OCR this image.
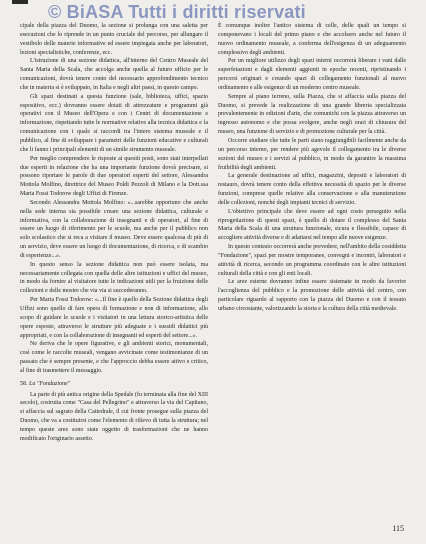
© BiASA Tutti i diritti riservati

cipale della piazza del Duomo, la sezione si prolunga con una saletta per esecuzioni che lo riprende in un punto cruciale del percorso, per allungare il vestibolo delle materie informative ed essere impiegata anche per laboratori, lezioni specialistiche, conferenze, ecc.

L'istruzione di una sezione didattica, all'interno del Centro Museale del Santa Maria della Scala, che accolga anche quella al futuro ufficio per le comunicazioni, dovrà tenere conto del necessario approfondimento tecnico che in materia si è sviluppato, in Italia e negli altri paesi, in questo campo.

Gli spazi destinati a questa funzione (sale, biblioteca, uffici, spazio espositivo, ecc.) dovranno essere dotati di attrezzature e programmi già operativi con il Museo dell'Opera e con i Centri di documentazione e informazione, rispettando tutte le normative relative alla tecnica didattica e la comunicazione con i quale si raccordi tra l'intero sistema museale e il pubblico, al fine di sviluppare i parametri delle funzioni educative e culturali che li fanno i principali elementi di un simile strumento museale.

Per meglio comprendere le risposte ai quesiti posti, sono stati interpellati due esperti in relazione che ha una importante funzione dovrà precisare, si possono riportare le parole di due operatori esperti del settore, Alessandra Mottola Molfino, direttrice del Museo Poldi Pezzoli di Milano e la Dott.ssa Maria Fossi Todorow degli Uffizi di Firenze.

Secondo Alessandra Mottola Molfino: «...sarebbe opportuno che anche nella sede interna sia possibile creare una sezione didattica, culturale e informativa, con la collaborazione di insegnanti e di operatori, al fine di essere un luogo di riferimento per le scuole, ma anche per il pubblico non solo scolastico che si reca a visitare il museo. Deve essere qualcosa di più di un servizio, deve essere un luogo di documentazione, di ricerca, e di scambio di esperienze...».

In questo senso la sezione didattica non può essere isolata, ma necessariamente collegata con quella delle altre istituzioni e uffici del museo, in modo da fornire al visitatore tutte le indicazioni utili per la fruizione delle collezioni e delle mostre che via via si succederanno.

Per Maria Fossi Todorow: «...Il fine è quello della Sezione didattica degli Uffizi sono quello di fare opera di formazione e non di informazione, allo scopo di guidare le scuole e i visitatori in una lettura storico-artistica delle opere esposte, attraverso le strutture più adeguate e i sussidi didattici più appropriati, e con la collaborazione di insegnanti ed esperti del settore...».

Ne deriva che le opere figurative, e gli ambienti storici, monumentali, così come le raccolte museali, vengano avvicinate come testimonianze di un passato che è sempre presente, e che l'approccio debba essere attivo e critico, al fine di trasmettere il messaggio.

58. La "Fondazione"

La parte di più antica origine della Spedale (fu terminata alla fine del XIII secolo), costruita come "Casa del Pellegrino" e attraverso la via del Capitano, si affaccia sul sagrato della Cattedrale, il cui fronte prosegue sulla piazza del Duomo, che va a costituirsi come l'elemento di rilievo di tutta la struttura; nel tempo queste aree sono state oggetto di trasformazioni che ne hanno modificato l'originario assetto.

È comunque inoltre l'antico sistema di celle, delle quali un tempo si componevano i locali del primo piano e che accolsero anche nel futuro il nuovo ordinamento museale, a conferma dell'esigenza di un adeguamento complessivo degli ambienti.

Per un migliore utilizzo degli spazi interni occorrerà liberare i vani dalle superfetazioni e dagli elementi aggiunti in epoche recenti, ripristinando i percorsi originari e creando spazi di collegamento funzionali al nuovo ordinamento e alle esigenze di un moderno centro museale.

Sempre al piano terreno, sulla Piazza, che si affaccia sulla piazza del Duomo, si prevede la realizzazione di una grande libreria specializzata prevalentemente in edizioni d'arte, che comunichi con la piazza attraverso un ingresso autonomo e che possa svolgere, anche negli orari di chiusura del museo, una funzione di servizio e di promozione culturale per la città.

Occorre studiare che tutte le parti siano raggiungibili facilmente anche da un percorso interno, per rendere più agevole il collegamento tra le diverse sezioni del museo e i servizi al pubblico, in modo da garantire la massima fruibilità degli ambienti.

La generale destinazione ad uffici, magazzini, depositi e laboratori di restauro, dovrà tenere conto della effettiva necessità di spazio per le diverse funzioni, comprese quelle relative alla conservazione e alla manutenzione delle collezioni, nonché degli impianti tecnici di servizio.

L'obiettivo principale che deve essere ad ogni costo perseguito nella riprogettazione di questi spazi, è quello di dotare il complesso del Santa Maria della Scala di una struttura funzionale, sicura e flessibile, capace di accogliere attività diverse e di adattarsi nel tempo alle nuove esigenze.

In questo contesto occorrerà anche prevedere, nell'ambito della cosiddetta "Fondazione", spazi per mostre temporanee, convegni e incontri, laboratori e attività di ricerca, secondo un programma coordinato con le altre istituzioni culturali della città e con gli enti locali.

Le aree esterne dovranno infine essere sistemate in modo da favorire l'accoglienza del pubblico e la promozione delle attività del centro, con particolare riguardo al rapporto con la piazza del Duomo e con il tessuto urbano circostante, valorizzando la storia e la cultura della città medievale.

115
